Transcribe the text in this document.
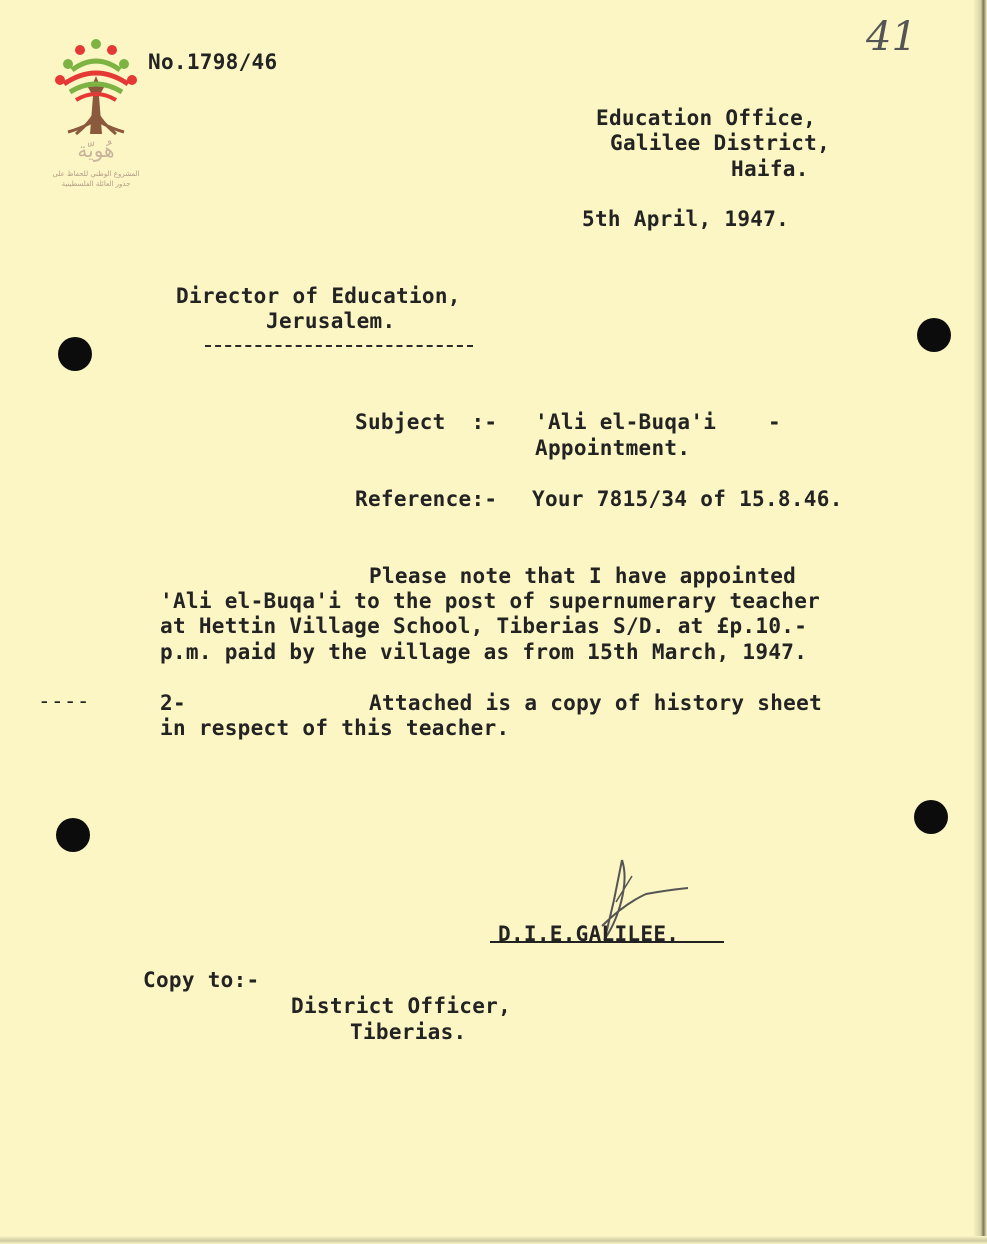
هُويّة
المشروع الوطني للحفاظ على
جذور العائلة الفلسطينية
41
No.1798/46
Education Office,
Galilee District,
Haifa.
5th April, 1947.
Director of Education,
Jerusalem.
Subject  :- 'Ali el-Buqa'i    -
Appointment.
Reference:- Your 7815/34 of 15.8.46.
Please note that I have appointed
'Ali el-Buqa'i to the post of supernumerary teacher
at Hettin Village School, Tiberias S/D. at £p.10.-
p.m. paid by the village as from 15th March, 1947.
----	2-	Attached is a copy of history sheet
in respect of this teacher.
D.I.E.GALILEE.
Copy to:-
District Officer,
Tiberias.
